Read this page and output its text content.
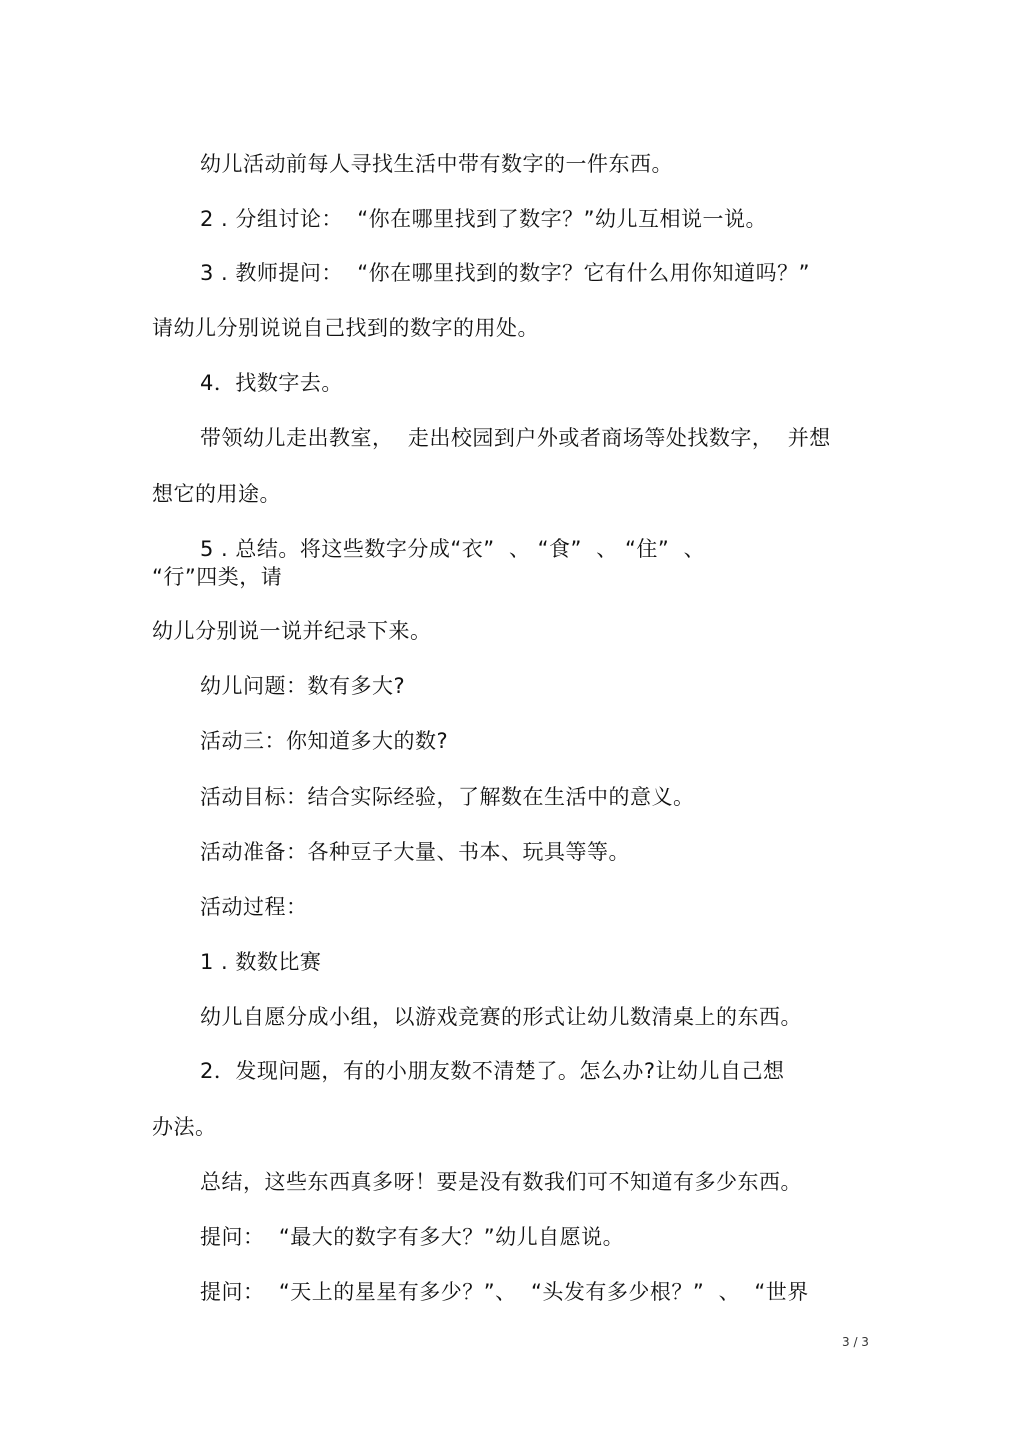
幼儿活动前每人寻找生活中带有数字的一件东西。
2 . 分组讨论：  “你在哪里找到了数字？”幼儿互相说一说。
3 . 教师提问：  “你在哪里找到的数字？它有什么用你知道吗？”
请幼儿分别说说自己找到的数字的用处。
4．找数字去。
带领幼儿走出教室，  走出校园到户外或者商场等处找数字，  并想
想它的用途。
5 . 总结。将这些数字分成“衣”  、 “食”  、 “住”  、
“行”四类，请
幼儿分别说一说并纪录下来。
幼儿问题：数有多大?
活动三：你知道多大的数?
活动目标：结合实际经验，了解数在生活中的意义。
活动准备：各种豆子大量、书本、玩具等等。
活动过程：
1 . 数数比赛
幼儿自愿分成小组，以游戏竞赛的形式让幼儿数清桌上的东西。
2．发现问题，有的小朋友数不清楚了。怎么办?让幼儿自己想
办法。
总结，这些东西真多呀！要是没有数我们可不知道有多少东西。
提问：  “最大的数字有多大？”幼儿自愿说。
提问：  “天上的星星有多少？”、  “头发有多少根？”  、  “世界
3 / 3
